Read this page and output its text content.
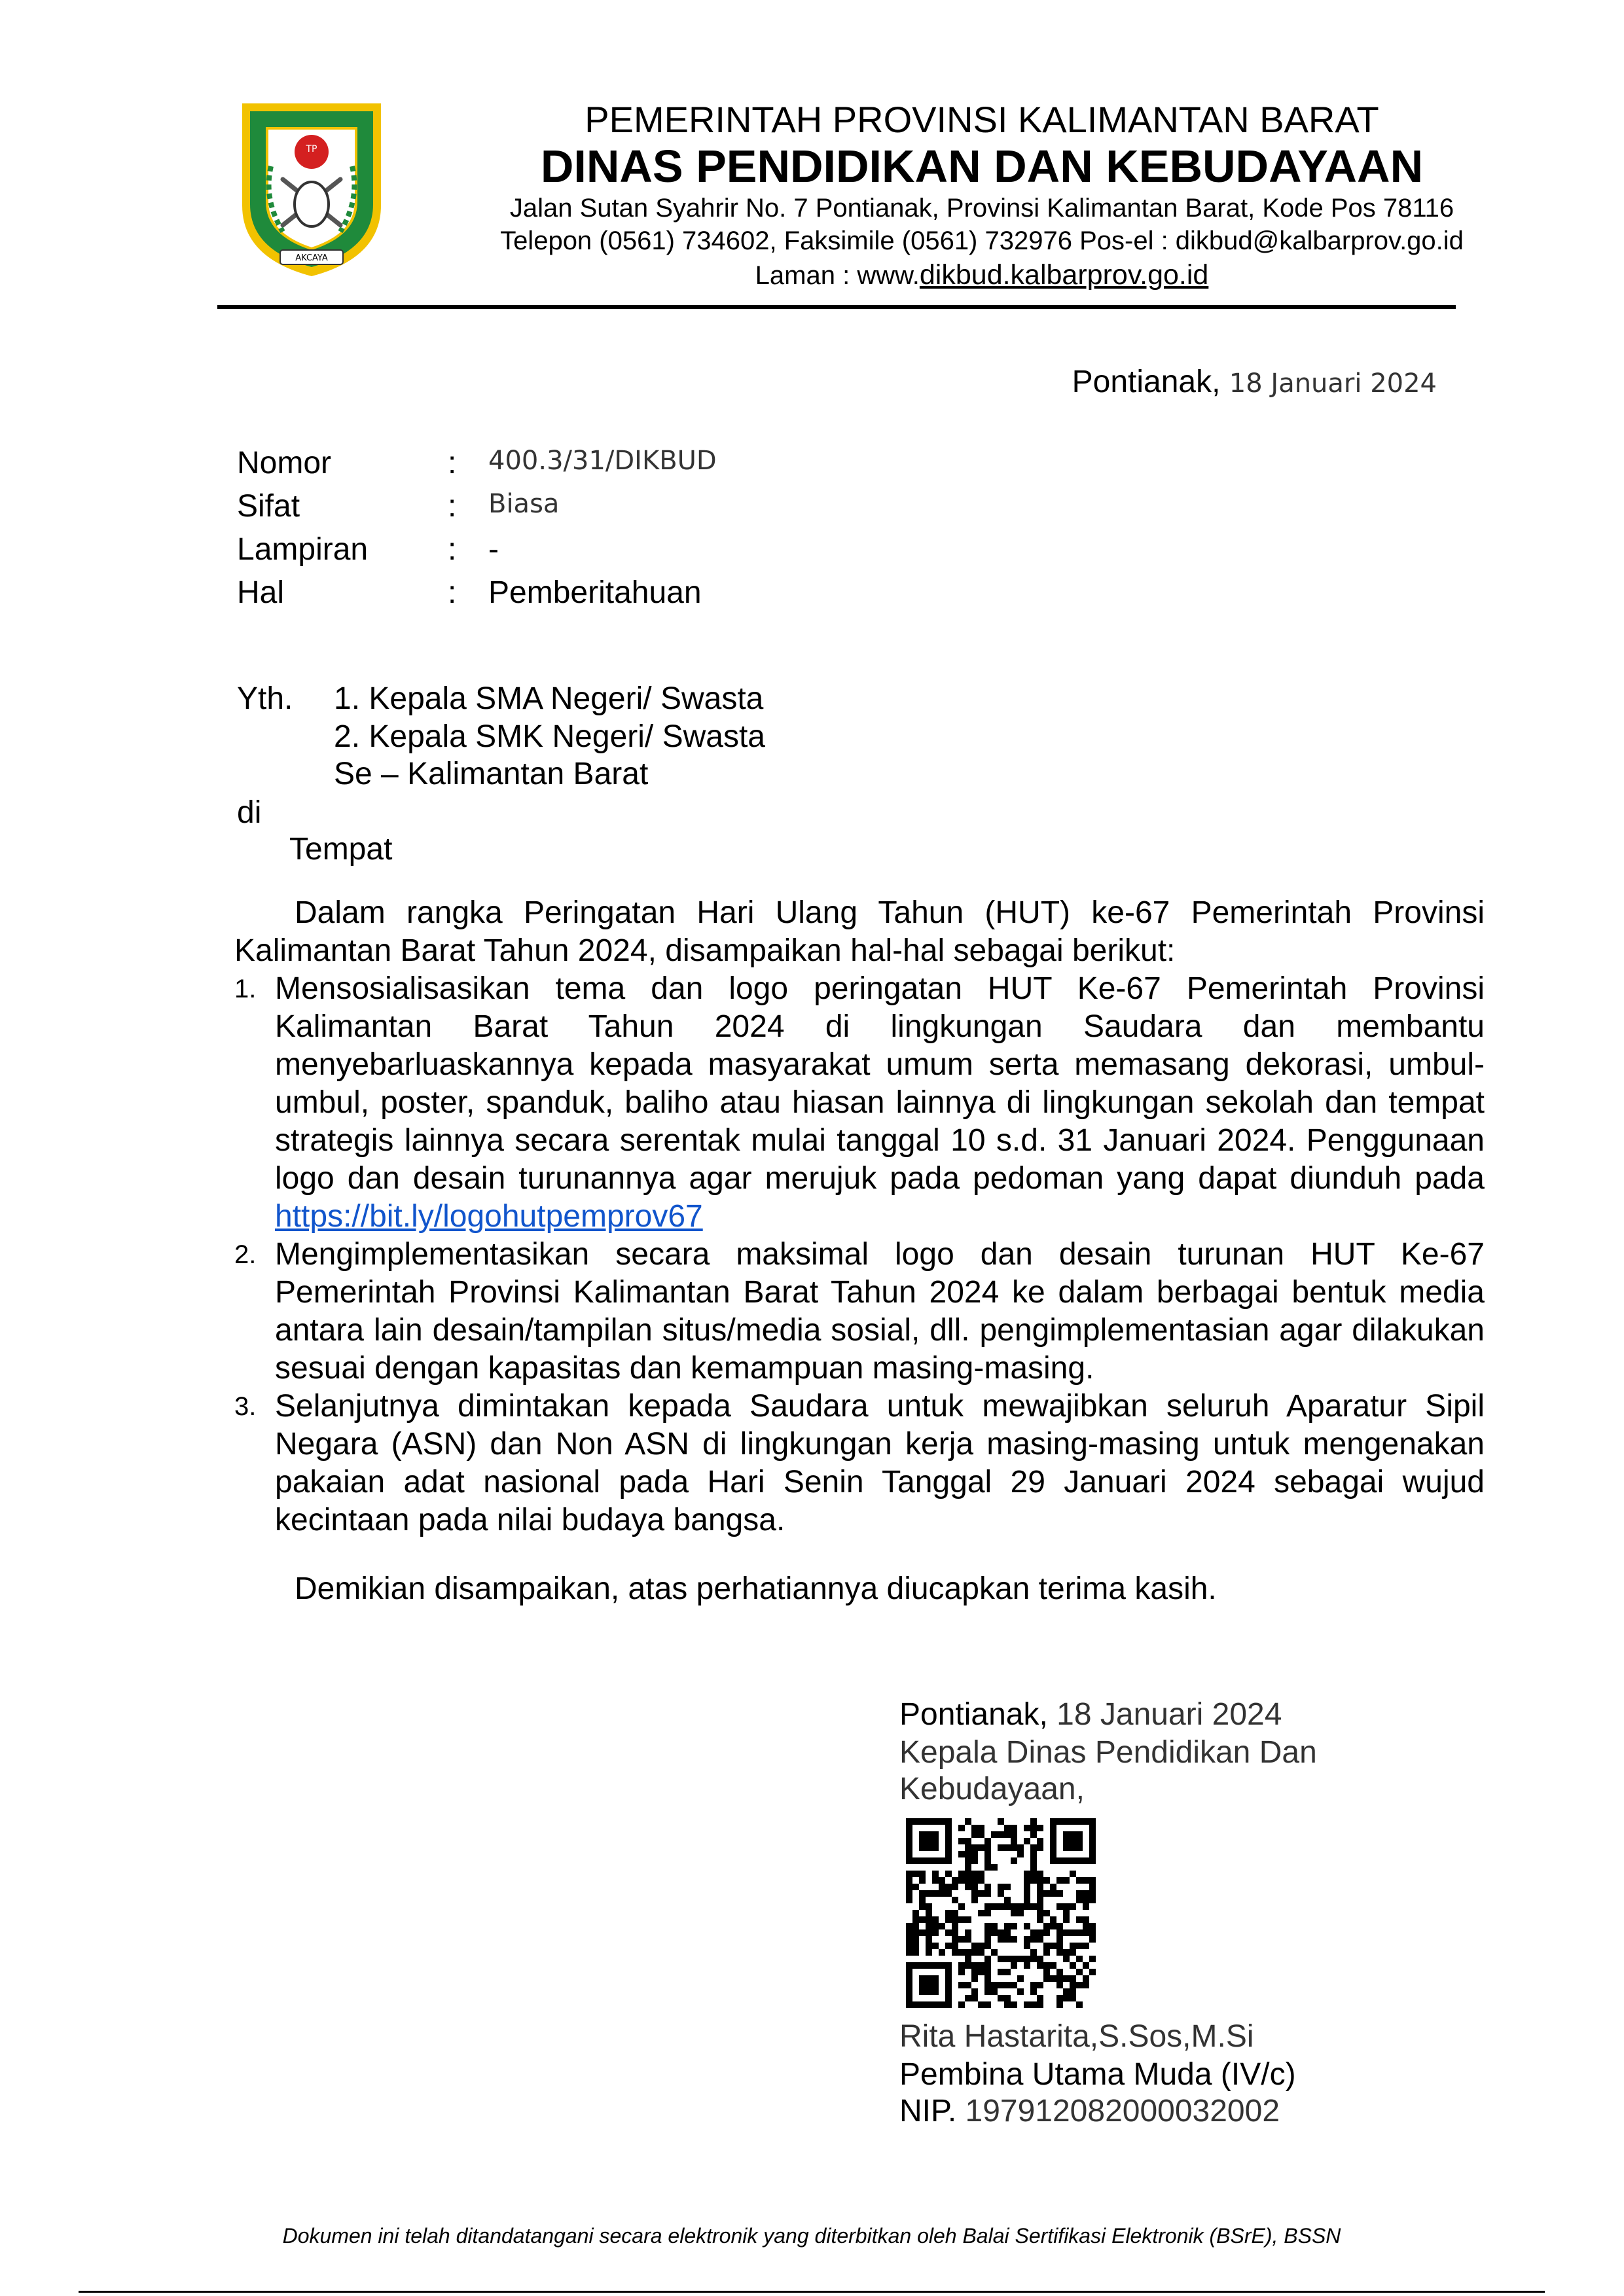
TP
AKCAYA
PEMERINTAH PROVINSI KALIMANTAN BARAT
DINAS PENDIDIKAN DAN KEBUDAYAAN
Jalan Sutan Syahrir No. 7 Pontianak, Provinsi Kalimantan Barat, Kode Pos 78116
Telepon (0561) 734602, Faksimile (0561) 732976 Pos-el : dikbud@kalbarprov.go.id
Laman : www.dikbud.kalbarprov.go.id
Pontianak, 18 Januari 2024
Nomor	: 400.3/31/DIKBUD
Sifat	: Biasa
Lampiran	: -
Hal	: Pemberitahuan
Yth. 1. Kepala SMA Negeri/ Swasta
2. Kepala SMK Negeri/ Swasta
Se – Kalimantan Barat
di
Tempat
Dalam rangka Peringatan Hari Ulang Tahun (HUT) ke-67 Pemerintah Provinsi Kalimantan Barat Tahun 2024, disampaikan hal-hal sebagai berikut:
1. Mensosialisasikan tema dan logo peringatan HUT Ke-67 Pemerintah Provinsi Kalimantan Barat Tahun 2024 di lingkungan Saudara dan membantu menyebarluaskannya kepada masyarakat umum serta memasang dekorasi, umbul-umbul, poster, spanduk, baliho atau hiasan lainnya di lingkungan sekolah dan tempat strategis lainnya secara serentak mulai tanggal 10 s.d. 31 Januari 2024. Penggunaan logo dan desain turunannya agar merujuk pada pedoman yang dapat diunduh pada https://bit.ly/logohutpemprov67
2. Mengimplementasikan secara maksimal logo dan desain turunan HUT Ke-67 Pemerintah Provinsi Kalimantan Barat Tahun 2024 ke dalam berbagai bentuk media antara lain desain/tampilan situs/media sosial, dll. pengimplementasian agar dilakukan sesuai dengan kapasitas dan kemampuan masing-masing.
3. Selanjutnya dimintakan kepada Saudara untuk mewajibkan seluruh Aparatur Sipil Negara (ASN) dan Non ASN di lingkungan kerja masing-masing untuk mengenakan pakaian adat nasional pada Hari Senin Tanggal 29 Januari 2024 sebagai wujud kecintaan pada nilai budaya bangsa.
Demikian disampaikan, atas perhatiannya diucapkan terima kasih.
Pontianak, 18 Januari 2024
Kepala Dinas Pendidikan Dan
Kebudayaan,
Rita Hastarita,S.Sos,M.Si
Pembina Utama Muda (IV/c)
NIP. 197912082000032002
Dokumen ini telah ditandatangani secara elektronik yang diterbitkan oleh Balai Sertifikasi Elektronik (BSrE), BSSN
